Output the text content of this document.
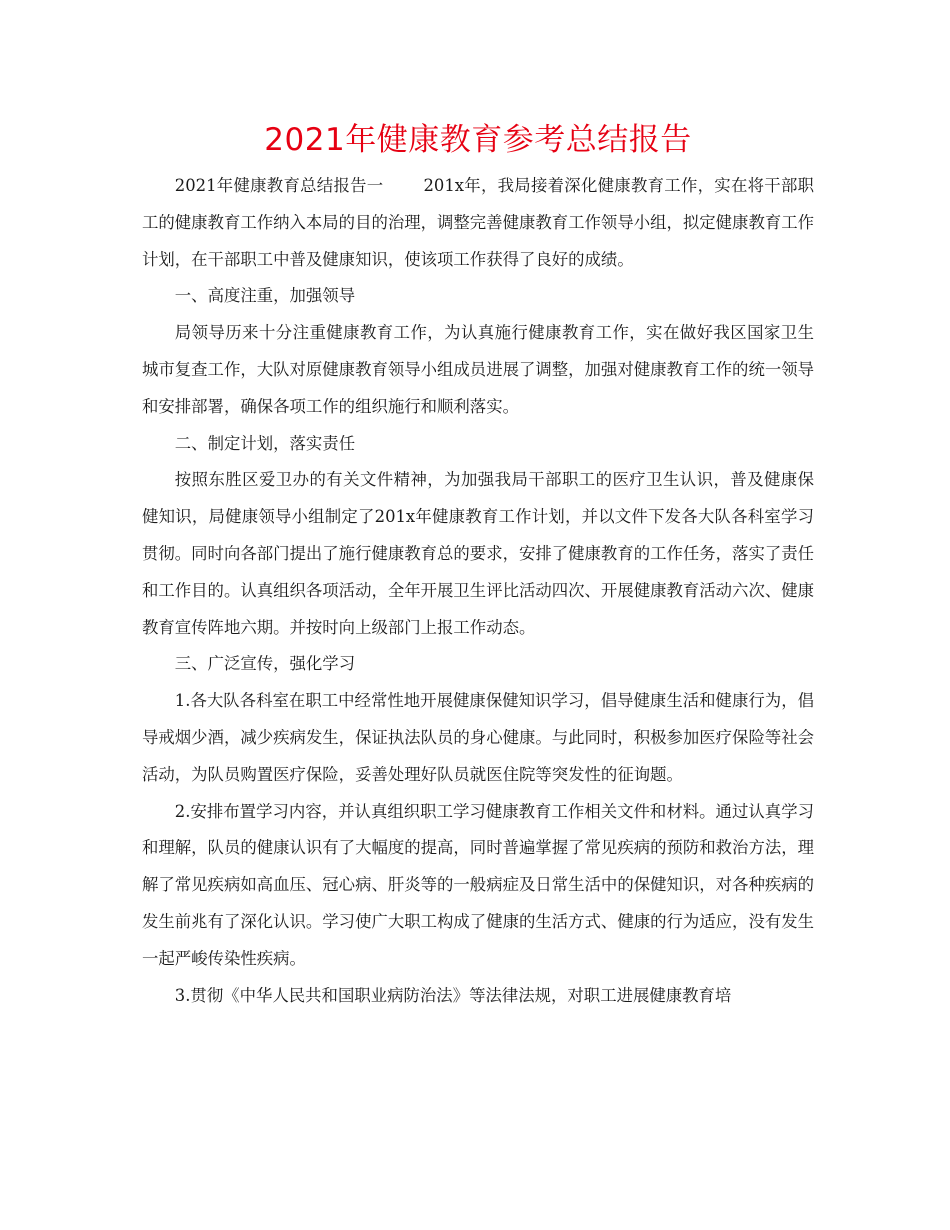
2021年健康教育参考总结报告

2021年健康教育总结报告一 201x年，我局接着深化健康教育工作，实在将干部职工的健康教育工作纳入本局的目的治理，调整完善健康教育工作领导小组，拟定健康教育工作计划，在干部职工中普及健康知识，使该项工作获得了良好的成绩。

一、高度注重，加强领导

局领导历来十分注重健康教育工作，为认真施行健康教育工作，实在做好我区国家卫生城市复查工作，大队对原健康教育领导小组成员进展了调整，加强对健康教育工作的统一领导和安排部署，确保各项工作的组织施行和顺利落实。

二、制定计划，落实责任

按照东胜区爱卫办的有关文件精神，为加强我局干部职工的医疗卫生认识，普及健康保健知识，局健康领导小组制定了201x年健康教育工作计划，并以文件下发各大队各科室学习贯彻。同时向各部门提出了施行健康教育总的要求，安排了健康教育的工作任务，落实了责任和工作目的。认真组织各项活动，全年开展卫生评比活动四次、开展健康教育活动六次、健康教育宣传阵地六期。并按时向上级部门上报工作动态。

三、广泛宣传，强化学习

1.各大队各科室在职工中经常性地开展健康保健知识学习，倡导健康生活和健康行为，倡导戒烟少酒，减少疾病发生，保证执法队员的身心健康。与此同时，积极参加医疗保险等社会活动，为队员购置医疗保险，妥善处理好队员就医住院等突发性的征询题。

2.安排布置学习内容，并认真组织职工学习健康教育工作相关文件和材料。通过认真学习和理解，队员的健康认识有了大幅度的提高，同时普遍掌握了常见疾病的预防和救治方法，理解了常见疾病如高血压、冠心病、肝炎等的一般病症及日常生活中的保健知识，对各种疾病的发生前兆有了深化认识。学习使广大职工构成了健康的生活方式、健康的行为适应，没有发生一起严峻传染性疾病。

3.贯彻《中华人民共和国职业病防治法》等法律法规，对职工进展健康教育培
